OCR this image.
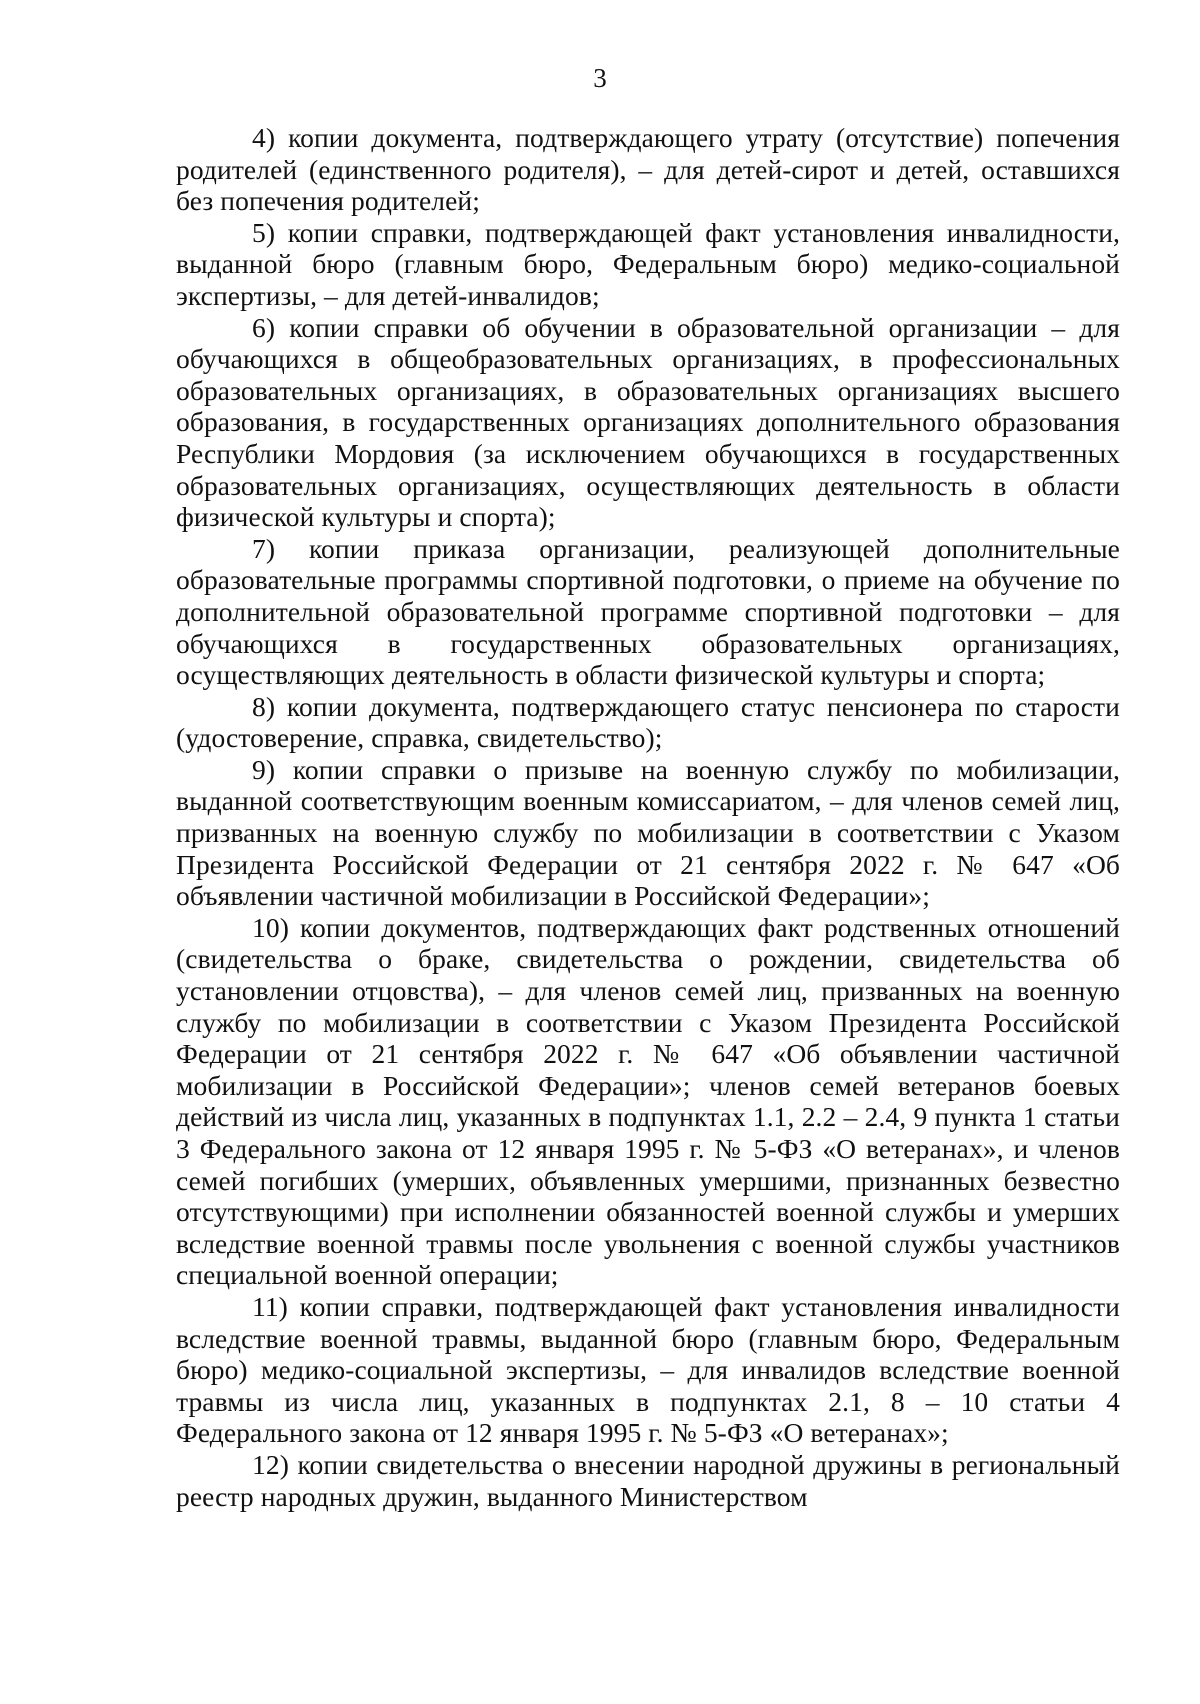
3

4) копии документа, подтверждающего утрату (отсутствие) попечения родителей (единственного родителя), – для детей-сирот и детей, оставшихся без попечения родителей;

5) копии справки, подтверждающей факт установления инвалидности, выданной бюро (главным бюро, Федеральным бюро) медико-социальной экспертизы, – для детей-инвалидов;

6) копии справки об обучении в образовательной организации – для обучающихся в общеобразовательных организациях, в профессиональных образовательных организациях, в образовательных организациях высшего образования, в государственных организациях дополнительного образования Республики Мордовия (за исключением обучающихся в государственных образовательных организациях, осуществляющих деятельность в области физической культуры и спорта);

7) копии приказа организации, реализующей дополнительные образовательные программы спортивной подготовки, о приеме на обучение по дополнительной образовательной программе спортивной подготовки – для обучающихся в государственных образовательных организациях, осуществляющих деятельность в области физической культуры и спорта;

8) копии документа, подтверждающего статус пенсионера по старости (удостоверение, справка, свидетельство);

9) копии справки о призыве на военную службу по мобилизации, выданной соответствующим военным комиссариатом, – для членов семей лиц, призванных на военную службу по мобилизации в соответствии с Указом Президента Российской Федерации от 21 сентября 2022 г. № 647 «Об объявлении частичной мобилизации в Российской Федерации»;

10) копии документов, подтверждающих факт родственных отношений (свидетельства о браке, свидетельства о рождении, свидетельства об установлении отцовства), – для членов семей лиц, призванных на военную службу по мобилизации в соответствии с Указом Президента Российской Федерации от 21 сентября 2022 г. № 647 «Об объявлении частичной мобилизации в Российской Федерации»; членов семей ветеранов боевых действий из числа лиц, указанных в подпунктах 1.1, 2.2 – 2.4, 9 пункта 1 статьи 3 Федерального закона от 12 января 1995 г. № 5-ФЗ «О ветеранах», и членов семей погибших (умерших, объявленных умершими, признанных безвестно отсутствующими) при исполнении обязанностей военной службы и умерших вследствие военной травмы после увольнения с военной службы участников специальной военной операции;

11) копии справки, подтверждающей факт установления инвалидности вследствие военной травмы, выданной бюро (главным бюро, Федеральным бюро) медико-социальной экспертизы, – для инвалидов вследствие военной травмы из числа лиц, указанных в подпунктах 2.1, 8 – 10 статьи 4 Федерального закона от 12 января 1995 г. № 5-ФЗ «О ветеранах»;

12) копии свидетельства о внесении народной дружины в региональный реестр народных дружин, выданного Министерством
